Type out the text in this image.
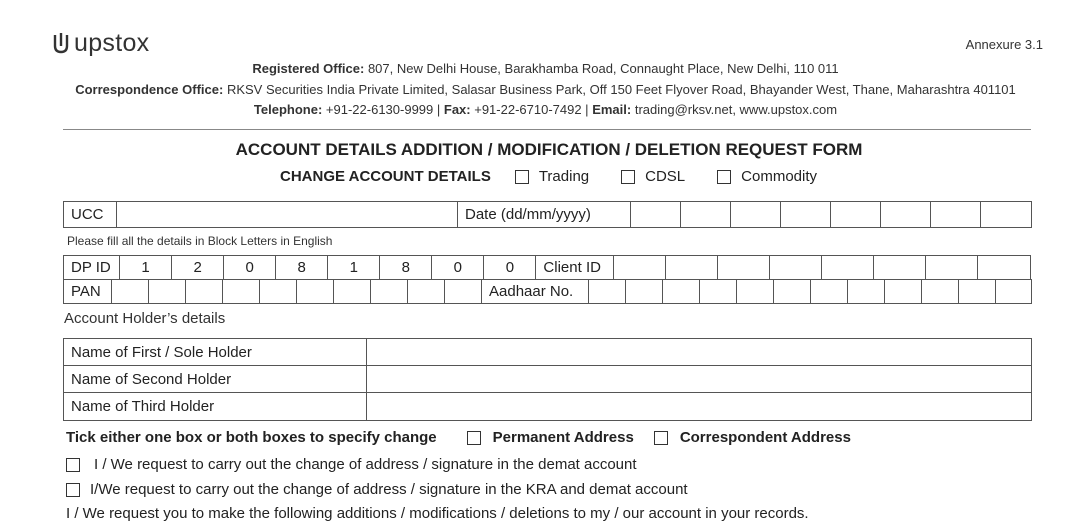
upstox	Annexure 3.1
Registered Office: 807, New Delhi House, Barakhamba Road, Connaught Place, New Delhi, 110 011
Correspondence Office: RKSV Securities India Private Limited, Salasar Business Park, Off 150 Feet Flyover Road, Bhayander West, Thane, Maharashtra 401101
Telephone: +91-22-6130-9999 | Fax: +91-22-6710-7492 | Email: trading@rksv.net, www.upstox.com
ACCOUNT DETAILS ADDITION / MODIFICATION / DELETION REQUEST FORM
CHANGE ACCOUNT DETAILS	Trading	CDSL	Commodity
UCC		Date (dd/mm/yyyy)								
Please fill all the details in Block Letters in English
DP ID	1	2	0	8	1	8	0	0	Client ID								
PAN											Aadhaar No.												
Account Holder’s details
Name of First / Sole Holder	
Name of Second Holder	
Name of Third Holder	
Tick either one box or both boxes to specify change	Permanent Address	Correspondent Address
I / We request to carry out the change of address / signature in the demat account
I/We request to carry out the change of address / signature in the KRA and demat account
I / We request you to make the following additions / modifications / deletions to my / our account in your records.
